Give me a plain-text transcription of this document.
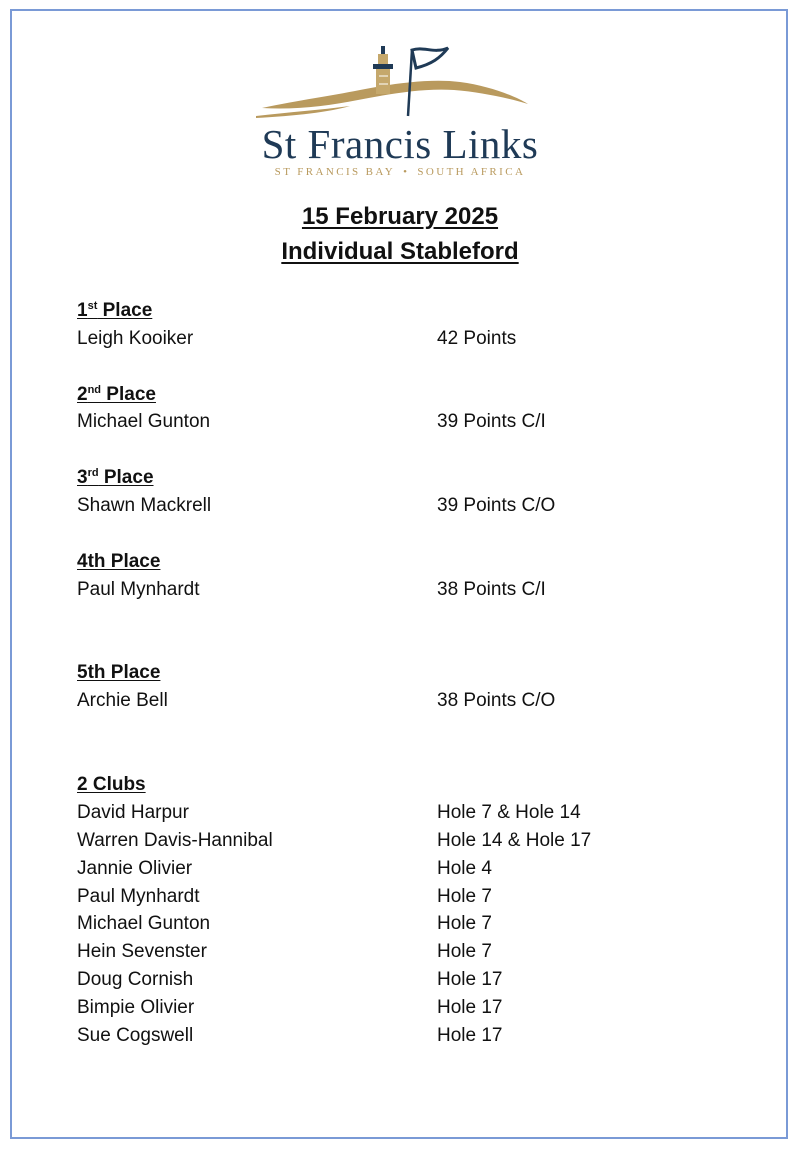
St Francis Links
ST FRANCIS BAY • SOUTH AFRICA
15 February 2025
Individual Stableford
1st Place
Leigh Kooiker	42 Points
2nd Place
Michael Gunton	39 Points C/I
3rd Place
Shawn Mackrell	39 Points C/O
4th Place
Paul Mynhardt	38 Points C/I
5th Place
Archie Bell	38 Points C/O
2 Clubs
David Harpur	Hole 7 & Hole 14
Warren Davis-Hannibal	Hole 14 & Hole 17
Jannie Olivier	Hole 4
Paul Mynhardt	Hole 7
Michael Gunton	Hole 7
Hein Sevenster	Hole 7
Doug Cornish	Hole 17
Bimpie Olivier	Hole 17
Sue Cogswell	Hole 17
